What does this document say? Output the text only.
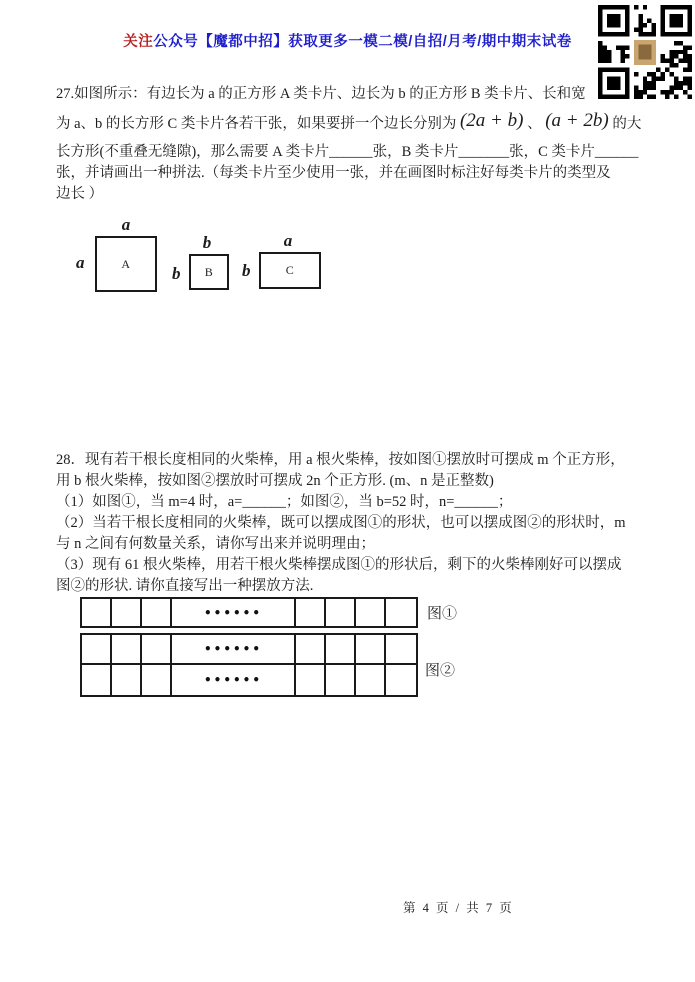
关注公众号【魔都中招】获取更多一模二模/自招/月考/期中期末试卷
27.如图所示：有边长为 a 的正方形 A 类卡片、边长为 b 的正方形 B 类卡片、长和宽
为 a、b 的长方形 C 类卡片各若干张，如果要拼一个边长分别为 (2a + b) 、 (a + 2b) 的大
长方形(不重叠无缝隙)，那么需要 A 类卡片______张，B 类卡片_______张，C 类卡片______
张，并请画出一种拼法.（每类卡片至少使用一张，并在画图时标注好每类卡片的类型及
边长 ）
a
a	A
b
b B
a
b	C
28．现有若干根长度相同的火柴棒，用 a 根火柴棒，按如图①摆放时可摆成 m 个正方形，
用 b 根火柴棒，按如图②摆放时可摆成 2n 个正方形. (m、n 是正整数)
（1）如图①，当 m=4 时，a=______；如图②，当 b=52 时，n=______；
（2）当若干根长度相同的火柴棒，既可以摆成图①的形状，也可以摆成图②的形状时，m
与 n 之间有何数量关系，请你写出来并说明理由；
（3）现有 61 根火柴棒，用若干根火柴棒摆成图①的形状后，剩下的火柴棒刚好可以摆成
图②的形状. 请你直接写出一种摆放方法.
••••••	图①
••••••
••••••
图②
第 4 页 / 共 7 页
